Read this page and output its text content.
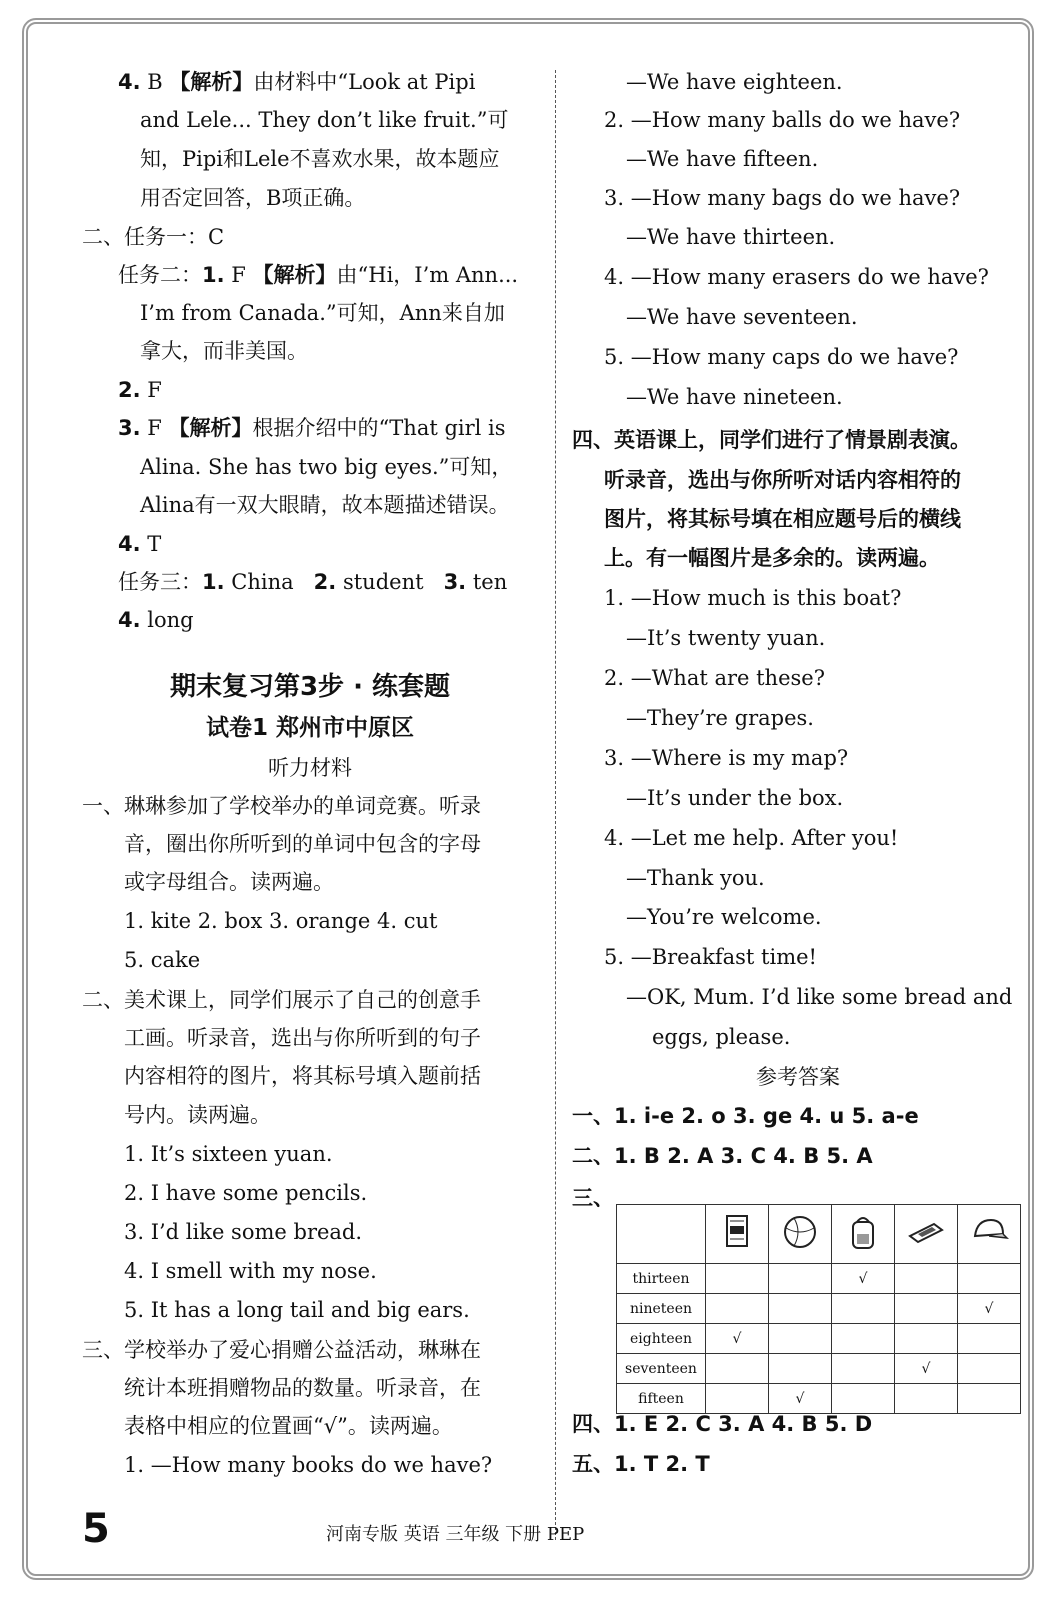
4. B 【解析】由材料中“Look at Pipi
and Lele... They don’t like fruit.”可
知，Pipi和Lele不喜欢水果，故本题应
用否定回答，B项正确。
二、任务一：C
任务二：1. F 【解析】由“Hi，I’m Ann...
I’m from Canada.”可知，Ann来自加
拿大，而非美国。
2. F
3. F 【解析】根据介绍中的“That girl is
Alina. She has two big eyes.”可知，
Alina有一双大眼睛，故本题描述错误。
4. T
任务三：1. China 2. student 3. ten
4. long
期末复习第3步 · 练套题
试卷1 郑州市中原区
听力材料
一、琳琳参加了学校举办的单词竞赛。听录
音，圈出你所听到的单词中包含的字母
或字母组合。读两遍。
1. kite 2. box 3. orange 4. cut
5. cake
二、美术课上，同学们展示了自己的创意手
工画。听录音，选出与你所听到的句子
内容相符的图片，将其标号填入题前括
号内。读两遍。
1. It’s sixteen yuan.
2. I have some pencils.
3. I’d like some bread.
4. I smell with my nose.
5. It has a long tail and big ears.
三、学校举办了爱心捐赠公益活动，琳琳在
统计本班捐赠物品的数量。听录音，在
表格中相应的位置画“√”。读两遍。
1. —How many books do we have?
—We have eighteen.
2. —How many balls do we have?
—We have fifteen.
3. —How many bags do we have?
—We have thirteen.
4. —How many erasers do we have?
—We have seventeen.
5. —How many caps do we have?
—We have nineteen.
四、英语课上，同学们进行了情景剧表演。
听录音，选出与你所听对话内容相符的
图片，将其标号填在相应题号后的横线
上。有一幅图片是多余的。读两遍。
1. —How much is this boat?
—It’s twenty yuan.
2. —What are these?
—They’re grapes.
3. —Where is my map?
—It’s under the box.
4. —Let me help. After you!
—Thank you.
—You’re welcome.
5. —Breakfast time!
—OK, Mum. I’d like some bread and
eggs, please.
参考答案
一、1. i-e 2. o 3. ge 4. u 5. a-e
二、1. B 2. A 3. C 4. B 5. A
三、

thirteen			√		
nineteen					√
eighteen	√				
seventeen				√	
fifteen		√			
四、1. E 2. C 3. A 4. B 5. D
五、1. T 2. T
5	河南专版 英语 三年级 下册 PEP
